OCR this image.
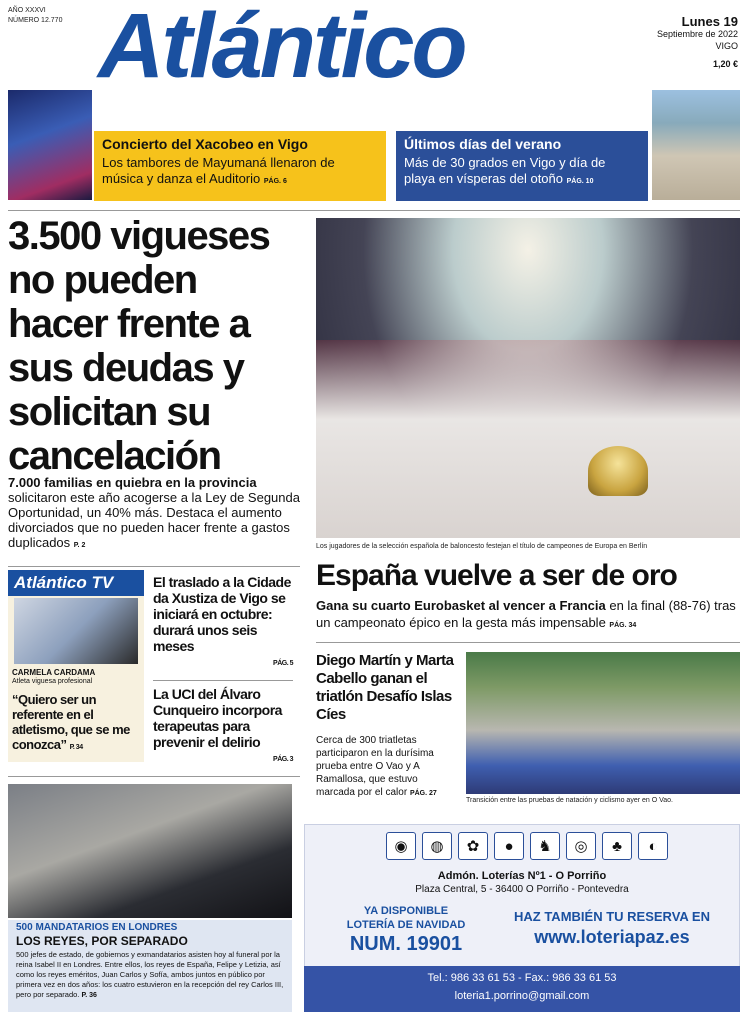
AÑO XXXVI
NÚMERO 12.770 Atlántico	Lunes 19
Septiembre de 2022
VIGO
1,20 €
Concierto del Xacobeo en Vigo
Los tambores de Mayumaná llenaron de música y danza el Auditorio PÁG. 6
Últimos días del verano
Más de 30 grados en Vigo y día de playa en vísperas del otoño PÁG. 10
3.500 vigueses no pueden hacer frente a sus deudas y solicitan su cancelación
7.000 familias en quiebra en la provincia solicitaron este año acogerse a la Ley de Segunda Oportunidad, un 40% más. Destaca el aumento divorciados que no pueden hacer frente a gastos duplicados P. 2	Los jugadores de la selección española de baloncesto festejan el título de campeones de Europa en Berlín
España vuelve a ser de oro
Gana su cuarto Eurobasket al vencer a Francia en la final (88-76) tras un campeonato épico en la gesta más impensable PÁG. 34
Atlántico TV
CARMELA CARDAMA
Atleta viguesa profesional
“Quiero ser un referente en el atletismo, que se me conozca” P. 34
El traslado a la Cidade da Xustiza de Vigo se iniciará en octubre: durará unos seis meses
PÁG. 5
La UCI del Álvaro Cunqueiro incorpora terapeutas para prevenir el delirio
PÁG. 3
Diego Martín y Marta Cabello ganan el triatlón Desafío Islas Cíes
Cerca de 300 triatletas participaron en la durísima prueba entre O Vao y A Ramallosa, que estuvo marcada por el calor PÁG. 27
Transición entre las pruebas de natación y ciclismo ayer en O Vao.
500 MANDATARIOS EN LONDRES
LOS REYES, POR SEPARADO
500 jefes de estado, de gobiernos y exmandatarios asisten hoy al funeral por la reina Isabel II en Londres. Entre ellos, los reyes de España, Felipe y Letizia, así como los reyes eméritos, Juan Carlos y Sofía, ambos juntos en público por primera vez en dos años: los cuatro estuvieron en la recepción del rey Carlos III, pero por separado. P. 36
◉	◍	✿	●	♞	◎	♣	◐
Admón. Loterías Nº1 - O Porriño
Plaza Central, 5 - 36400 O Porriño - Pontevedra
YA DISPONIBLE
LOTERÍA DE NAVIDAD
NUM. 19901
HAZ TAMBIÉN TU RESERVA EN
www.loteriapaz.es
Tel.: 986 33 61 53 - Fax.: 986 33 61 53
loteria1.porrino@gmail.com
